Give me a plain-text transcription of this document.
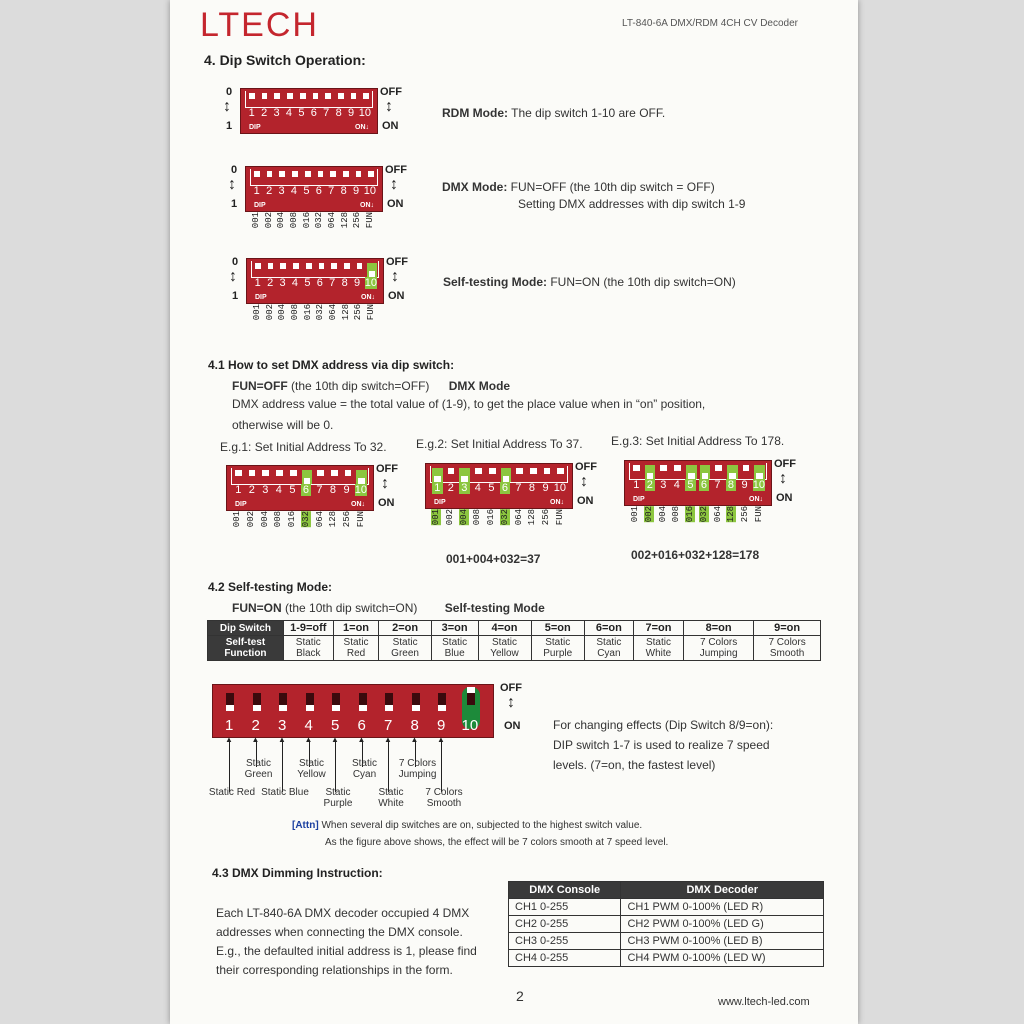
LTECH	LT-840-6A DMX/RDM 4CH CV Decoder
4. Dip Switch Operation:
RDM Mode: The dip switch 1-10 are OFF.
DMX Mode: FUN=OFF (the 10th dip switch = OFF)
Setting DMX addresses with dip switch 1-9
Self-testing Mode: FUN=ON (the 10th dip switch=ON)
4.1 How to set DMX address via dip switch:
FUN=OFF (the 10th dip switch=OFF) DMX Mode
DMX address value = the total value of (1-9), to get the place value when in “on” position,
otherwise will be 0.
E.g.1: Set Initial Address To 32. E.g.2: Set Initial Address To 37. E.g.3: Set Initial Address To 178.
001+004+032=37	002+016+032+128=178
4.2 Self-testing Mode:
FUN=ON (the 10th dip switch=ON) Self-testing Mode
Dip Switch	1-9=off	1=on	2=on	3=on	4=on	5=on	6=on	7=on	8=on	9=on
Self-test Function	Static Black	Static Red	Static Green	Static Blue	Static Yellow	Static Purple	Static Cyan	Static White	7 Colors Jumping	7 Colors Smooth
1 2 3 4 5 6 7 8 9 10
OFF
↕
ON	For changing effects (Dip Switch 8/9=on):
DIP switch 1-7 is used to realize 7 speed
levels. (7=on, the fastest level)
[Attn] When several dip switches are on, subjected to the highest switch value.
As the figure above shows, the effect will be 7 colors smooth at 7 speed level.
4.3 DMX Dimming Instruction:
Each LT-840-6A DMX decoder occupied 4 DMX
addresses when connecting the DMX console.
E.g., the defaulted initial address is 1, please find
their corresponding relationships in the form.
DMX Console	DMX Decoder
CH1 0-255	CH1 PWM 0-100% (LED R)
CH2 0-255	CH2 PWM 0-100% (LED G)
CH3 0-255	CH3 PWM 0-100% (LED B)
CH4 0-255	CH4 PWM 0-100% (LED W)
2	www.ltech-led.com
1 2 3 4 5 6 7 8 9 10
DIP	ON↓
OFF
↕
ON
0
↕
1
1 2 3 4 5 6 7 8 9 10
DIP	ON↓
OFF
↕
ON
0
↕
1
001 002 004 008 016 032 064 128 256 FUN
1 2 3 4 5 6 7 8 9 10
DIP	ON↓
OFF
↕
ON
0
↕
1
001 002 004 008 016 032 064 128 256 FUN
1 2 3 4 5 6 7 8 9 10
DIP	ON↓
OFF
↕
ON
001 002 004 008 016 032 064 128 256 FUN
1 2 3 4 5 6 7 8 9 10
DIP	ON↓
OFF
↕
ON
001 002 004 008 016 032 064 128 256 FUN
1 2 3 4 5 6 7 8 9 10
DIP	ON↓
OFF
↕
ON
001 002 004 008 016 032 064 128 256 FUN
▲ ▲ ▲ ▲ ▲ ▲ ▲ ▲ ▲
Static Green
Static Yellow
Static Cyan
7 Colors Jumping
Static Red Static Blue	Static Purple
Static White
7 Colors Smooth
